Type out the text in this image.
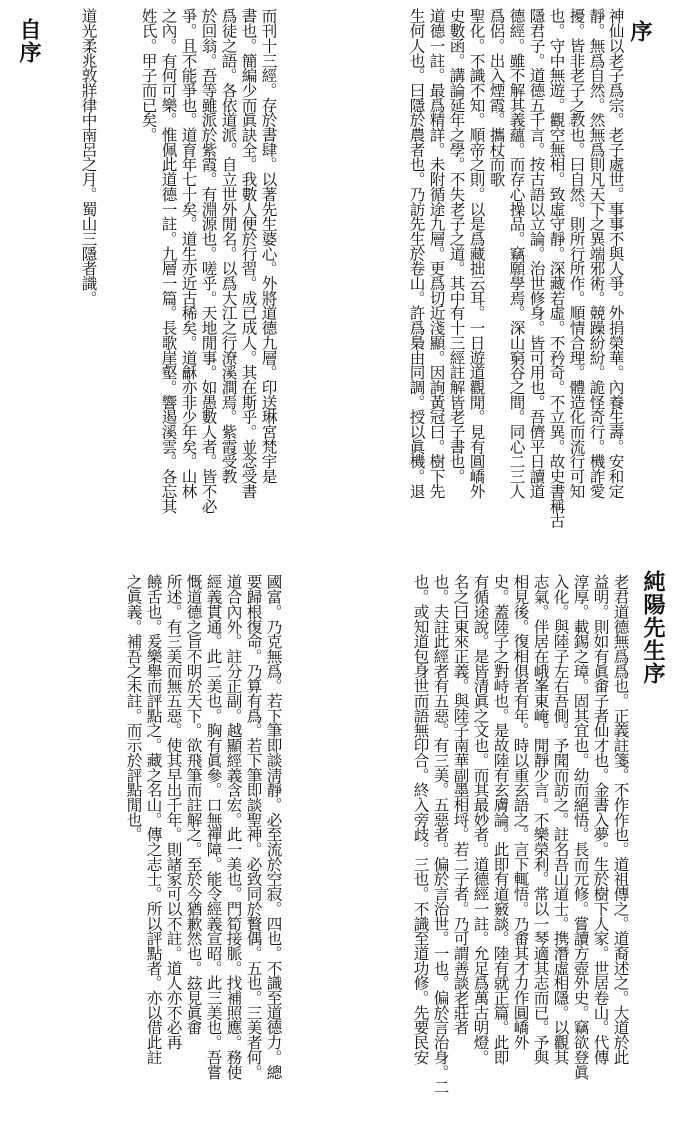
序
自序	神仙以老子爲宗。老子處世。事事不與人爭。外捐榮華。內養生壽。安和定
靜。無爲自然。然無爲則凡天下之異端邪術。競躁紛紛。詭怪奇行。機詐愛
擾。皆非老子之教也。曰自然。則所行所作。順情合理。體造化而流行可知
也。守中無遊。觀空無相。致虛守靜。深藏若虛。不矜奇。不立異。故史書稱古
隱君子。道德五千言。按古語以立論。治世修身。皆可用也。吾儕平日讀道
德經。雖不解其義蘊。而存心操品。竊願學焉。深山窮谷之間。同心二三人
爲侶。出入煙霞。攜杖而歌
聖化。不識不知。順帝之則。以是爲藏拙云耳。一日遊道觀閒。見有圓嶠外
史數函。講論延年之學。不失老子之道。其中有十三經註解皆老子書也。
道德一註。最爲精詳。未附循途九層。更爲切近淺顯。因詢黃冠曰。樹下先
生何人也。曰隱於農者也。乃訪先生於卷山。許爲梟由同調。授以眞機。退
而刊十三經。存於書肆。以著先生婆心。外將道德九層。印送琳宮梵宇是
書也。簡編少而眞訣全。我數人便於行習。成已成人。其在斯乎。並念受書
爲徒之語。各依道派。自立世外閒名。以爲大江之行潦溪澗焉。紫霞受教
於回翁。吾等雖派於紫霞。有淵源也。嗟乎。天地閒事。如愚數人者。皆不必
爭。且不能爭也。道育年七十矣。道生亦近古稀矣。道龢亦非少年矣。山林
之內。有何可樂。惟佩此道德一註。九層一篇。長歌崖壑。響遏溪雲。各忘其
姓氏。甲子而已矣。
道光柔兆敦牂律中南呂之月。蜀山三隱者識。
純陽先生序
老君道德無爲爲也。正義註箋。不作作也。道祖傳之。道裔述之。大道於此
益明。則如有眞畬子者仙才也。金書入夢。生於樹下人家。世居卷山。代傳
淳厚。載錫之璋。固其宜也。幼而絕悟。長而元修。嘗讀方壺外史。竊欲登眞
入化。與陸子左右吾側。予聞而訪之。註名吾山道士。携潛虛相隱。以觀其
志氣。伴居在峨峯東崦。閒靜少言。不樂榮利。常以一琴適其志而已。予與
相見後。復相俱者有年。時以重玄語之。言下輒悟。乃畬其才力作圓嶠外
史。蓋陸子之對峙也。是故陸有玄膚論。此即有道竅談。陸有就正篇。此即
有循途說。是皆清眞之文也。而其最妙者。道德經一註。允足爲萬古明燈。
名之曰東來正義。與陸子南華副墨相埒。若二子者。乃可謂善談老莊者
也。夫註此經者有五惡。有三美。五惡者。偏於言治世。一也。偏於言治身。二
也。或知道包身世而語無印合。終入旁歧。三也。不識至道功修。先要民安
國富。乃克無爲。若下筆即談淸靜。必至流於空寂。四也。不識至道德力。總
要歸根復命。乃算有爲。若下筆即談聖神。必致同於贅偶。五也。三美者何。
道合內外。註分正副。越顯經義含宏。此一美也。門筍接脈。找補照應。務使
經義貫通。此二美也。胸有眞參。口無禪障。能令經義宣昭。此三美也。吾嘗
慨道德之旨不明於天下。欲飛筆而註解之。至於今猶歉然也。玆見眞畬
所述。有三美而無五惡。使其早出千年。則諸家可以不註。道人亦不必再
饒舌也。爰樂舉而評點之。藏之名山。傳之志士。所以評點者。亦以借此註
之眞義。補吾之未註。而示於評點閒也。
